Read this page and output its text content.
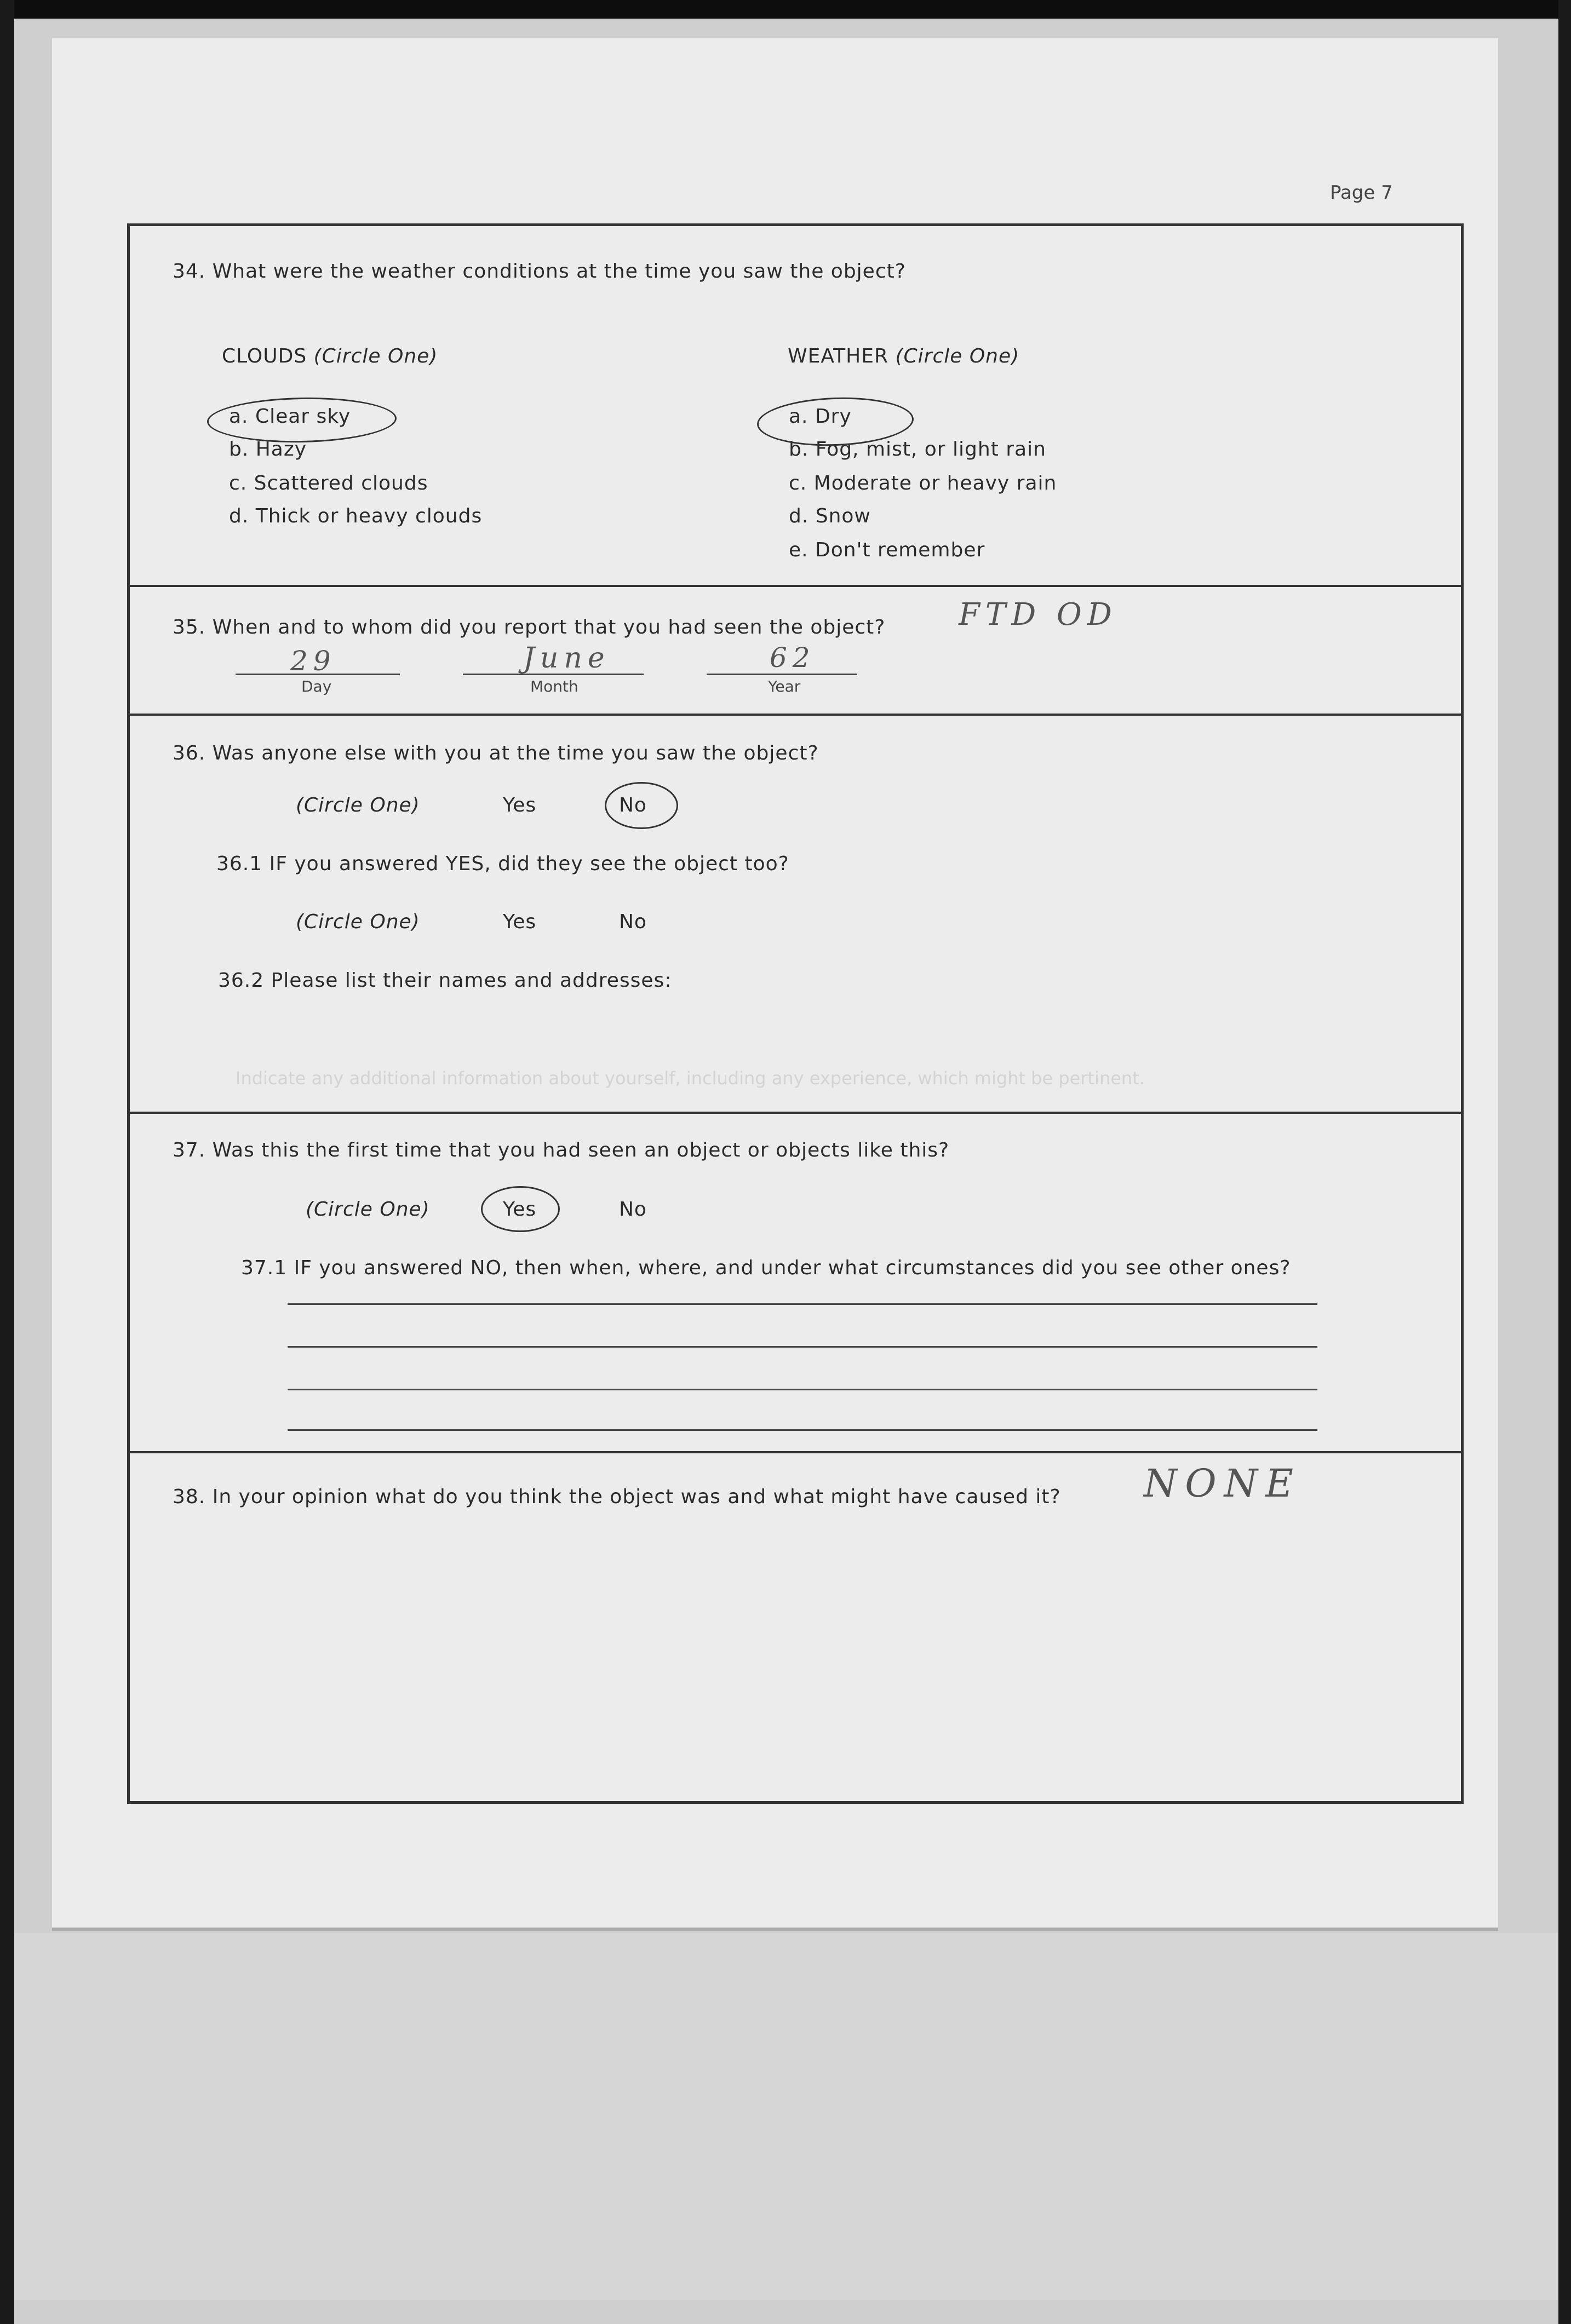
Page 7
Indicate any additional information about yourself, including any experience, which might be pertinent.
34. What were the weather conditions at the time you saw the object?
CLOUDS (Circle One)
a. Clear sky
b. Hazy
c. Scattered clouds
d. Thick or heavy clouds
WEATHER (Circle One)
a. Dry
b. Fog, mist, or light rain
c. Moderate or heavy rain
d. Snow
e. Don't remember
35. When and to whom did you report that you had seen the object? FTD OD
29
Day
June
Month
62
Year
36. Was anyone else with you at the time you saw the object?
(Circle One)	Yes	No
36.1 IF you answered YES, did they see the object too?
(Circle One)	Yes	No
36.2 Please list their names and addresses:
37. Was this the first time that you had seen an object or objects like this?
(Circle One)	Yes	No
37.1 IF you answered NO, then when, where, and under what circumstances did you see other ones?
38. In your opinion what do you think the object was and what might have caused it? NONE
